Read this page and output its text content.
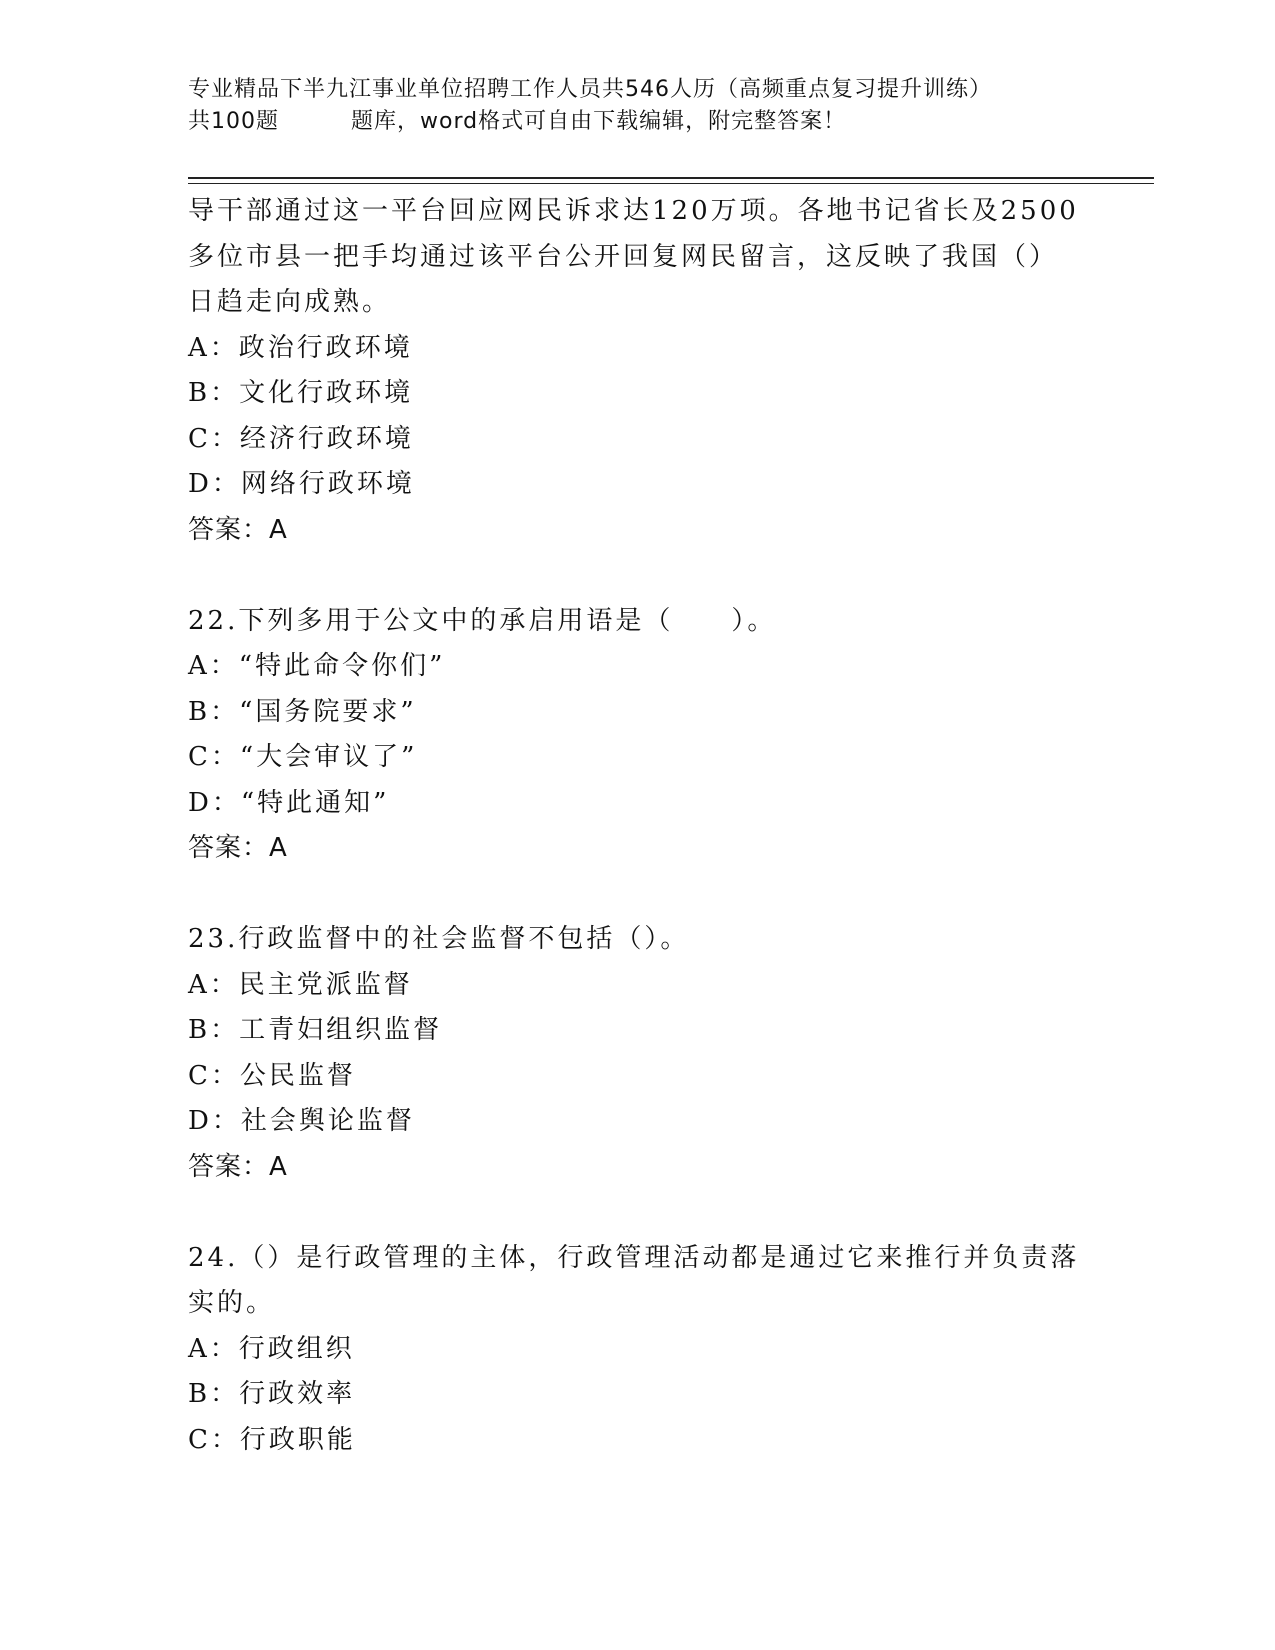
专业精品下半九江事业单位招聘工作人员共546人历（高频重点复习提升训练）
共100题	题库，word格式可自由下载编辑，附完整答案！
导干部通过这一平台回应网民诉求达120万项。各地书记省长及2500
多位市县一把手均通过该平台公开回复网民留言，这反映了我国（）
日趋走向成熟。
A：政治行政环境
B：文化行政环境
C：经济行政环境
D：网络行政环境
答案：A
22.下列多用于公文中的承启用语是（　　）。
A：“特此命令你们”
B：“国务院要求”
C：“大会审议了”
D：“特此通知”
答案：A
23.行政监督中的社会监督不包括（）。
A：民主党派监督
B：工青妇组织监督
C：公民监督
D：社会舆论监督
答案：A
24.（）是行政管理的主体，行政管理活动都是通过它来推行并负责落
实的。
A：行政组织
B：行政效率
C：行政职能
